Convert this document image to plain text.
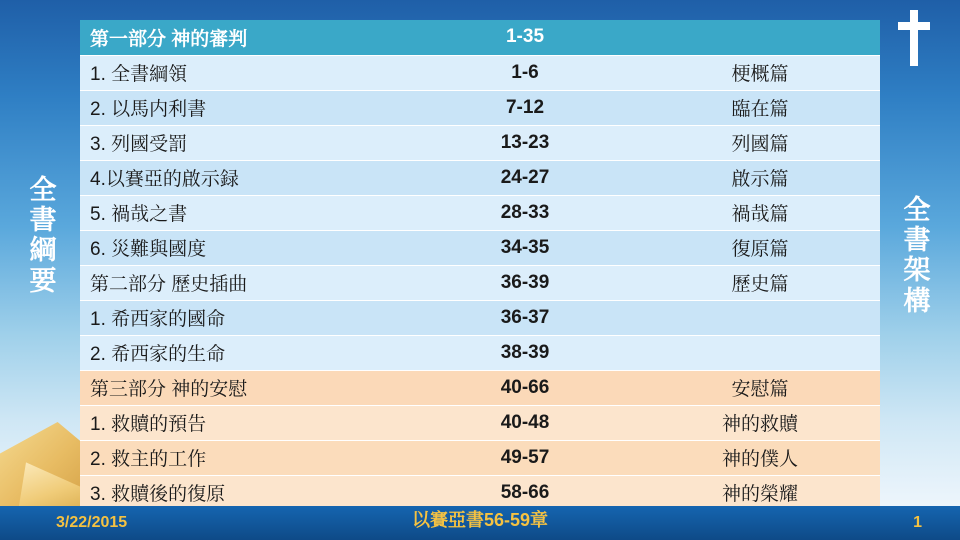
全
書
綱
要
全
書
架
構
第一部分 神的審判	1-35	
1. 全書綱領	1-6	梗概篇
2. 以馬内利書	7-12	臨在篇
3. 列國受罰	13-23	列國篇
4.以賽亞的啟示録	24-27	啟示篇
5. 禍哉之書	28-33	禍哉篇
6. 災難與國度	34-35	復原篇
第二部分 歷史插曲	36-39	歷史篇
1. 希西家的國命	36-37	
2. 希西家的生命	38-39	
第三部分 神的安慰	40-66	安慰篇
1. 救贖的預告	40-48	神的救贖
2. 救主的工作	49-57	神的僕人
3. 救贖後的復原	58-66	神的榮耀
3/22/2015	以賽亞書56-59章	1
